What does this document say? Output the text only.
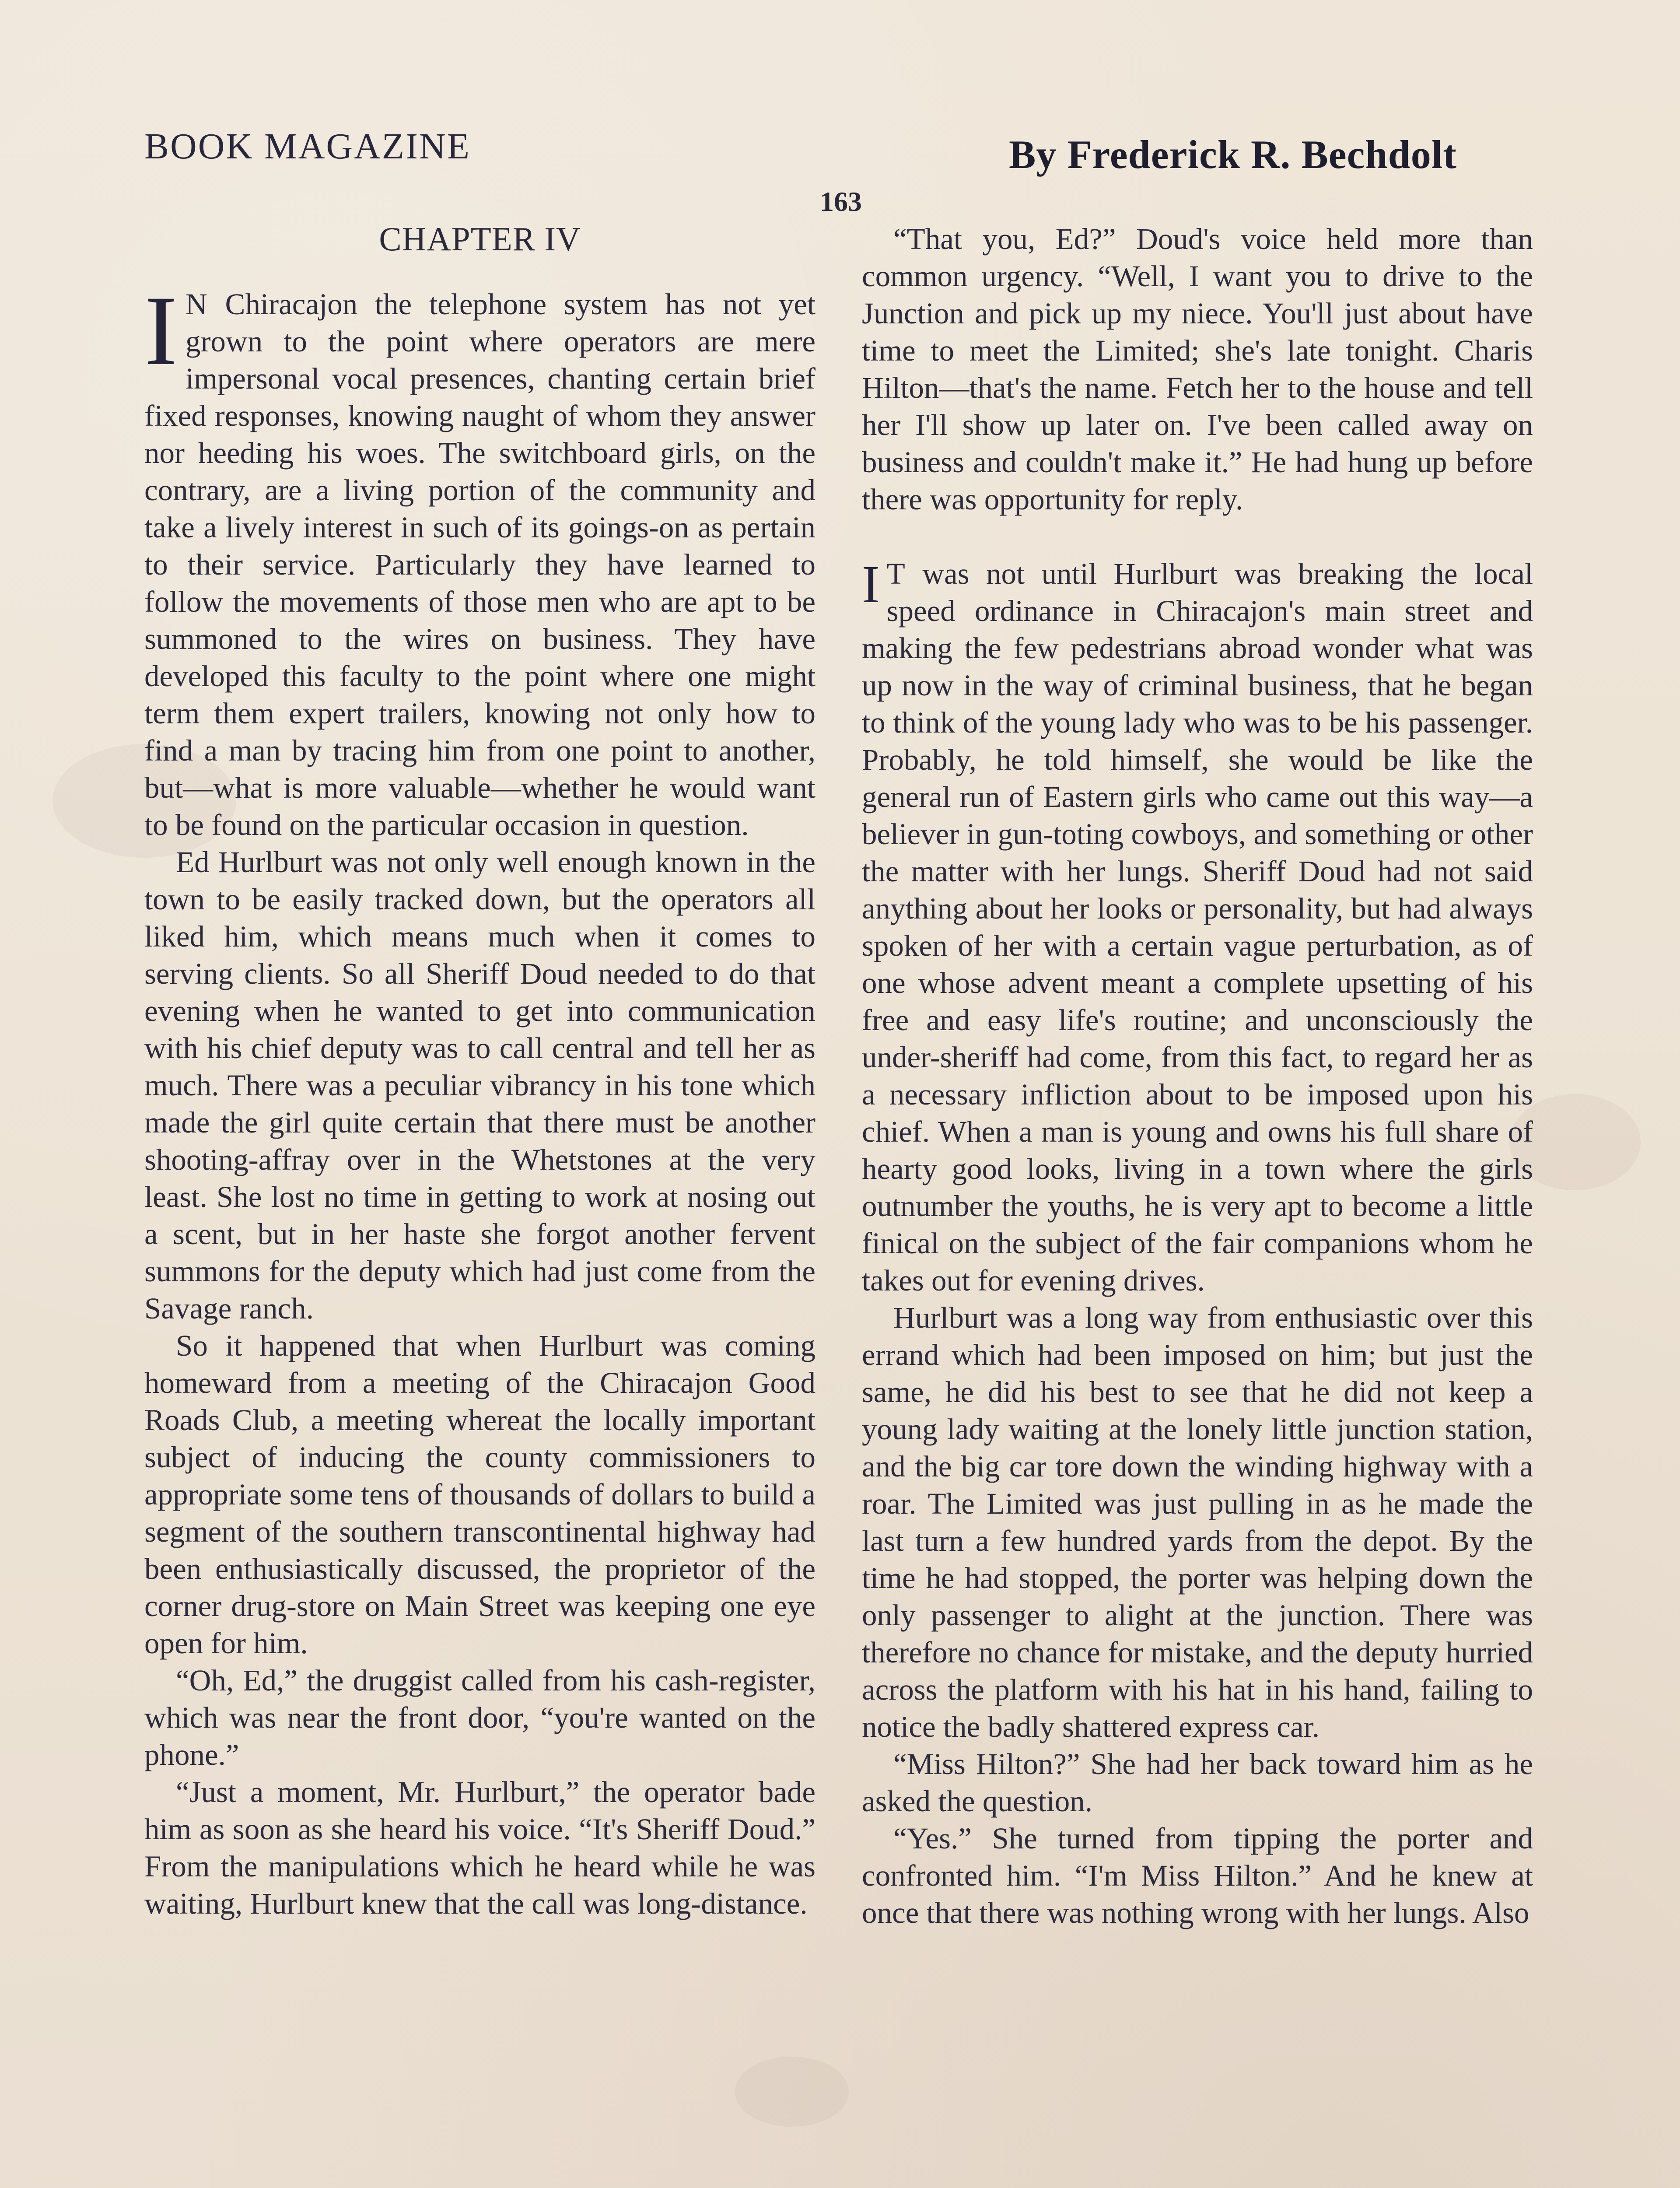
BOOK MAGAZINE	By Frederick R. Bechdolt
163
CHAPTER IV

I N Chiracajon the telephone system has not yet grown to the point where operators are mere impersonal vocal presences, chanting certain brief fixed responses, knowing naught of whom they answer nor heeding his woes. The switchboard girls, on the contrary, are a living portion of the community and take a lively interest in such of its goings-on as pertain to their service. Particularly they have learned to follow the movements of those men who are apt to be summoned to the wires on business. They have developed this faculty to the point where one might term them expert trailers, knowing not only how to find a man by tracing him from one point to another, but—what is more valuable—whether he would want to be found on the particular occasion in question.

Ed Hurlburt was not only well enough known in the town to be easily tracked down, but the operators all liked him, which means much when it comes to serving clients. So all Sheriff Doud needed to do that evening when he wanted to get into communication with his chief deputy was to call central and tell her as much. There was a peculiar vibrancy in his tone which made the girl quite certain that there must be another shooting-affray over in the Whetstones at the very least. She lost no time in getting to work at nosing out a scent, but in her haste she forgot another fervent summons for the deputy which had just come from the Savage ranch.

So it happened that when Hurlburt was coming homeward from a meeting of the Chiracajon Good Roads Club, a meeting whereat the locally important subject of inducing the county commissioners to appropriate some tens of thousands of dollars to build a segment of the southern transcontinental highway had been enthusiastically discussed, the proprietor of the corner drug-store on Main Street was keeping one eye open for him.

“Oh, Ed,” the druggist called from his cash-register, which was near the front door, “you're wanted on the phone.”

“Just a moment, Mr. Hurlburt,” the operator bade him as soon as she heard his voice. “It's Sheriff Doud.” From the manipulations which he heard while he was waiting, Hurlburt knew that the call was long-distance.

“That you, Ed?” Doud's voice held more than common urgency. “Well, I want you to drive to the Junction and pick up my niece. You'll just about have time to meet the Limited; she's late tonight. Charis Hilton—that's the name. Fetch her to the house and tell her I'll show up later on. I've been called away on business and couldn't make it.” He had hung up before there was opportunity for reply.

I T was not until Hurlburt was breaking the local speed ordinance in Chiracajon's main street and making the few pedestrians abroad wonder what was up now in the way of criminal business, that he began to think of the young lady who was to be his passenger. Probably, he told himself, she would be like the general run of Eastern girls who came out this way—a believer in gun-toting cowboys, and something or other the matter with her lungs. Sheriff Doud had not said anything about her looks or personality, but had always spoken of her with a certain vague perturbation, as of one whose advent meant a complete upsetting of his free and easy life's routine; and unconsciously the under-sheriff had come, from this fact, to regard her as a necessary infliction about to be imposed upon his chief. When a man is young and owns his full share of hearty good looks, living in a town where the girls outnumber the youths, he is very apt to become a little finical on the subject of the fair companions whom he takes out for evening drives.

Hurlburt was a long way from enthusiastic over this errand which had been imposed on him; but just the same, he did his best to see that he did not keep a young lady waiting at the lonely little junction station, and the big car tore down the winding highway with a roar. The Limited was just pulling in as he made the last turn a few hundred yards from the depot. By the time he had stopped, the porter was helping down the only passenger to alight at the junction. There was therefore no chance for mistake, and the deputy hurried across the platform with his hat in his hand, failing to notice the badly shattered express car.

“Miss Hilton?” She had her back toward him as he asked the question.

“Yes.” She turned from tipping the porter and confronted him. “I'm Miss Hilton.” And he knew at once that there was nothing wrong with her lungs. Also
